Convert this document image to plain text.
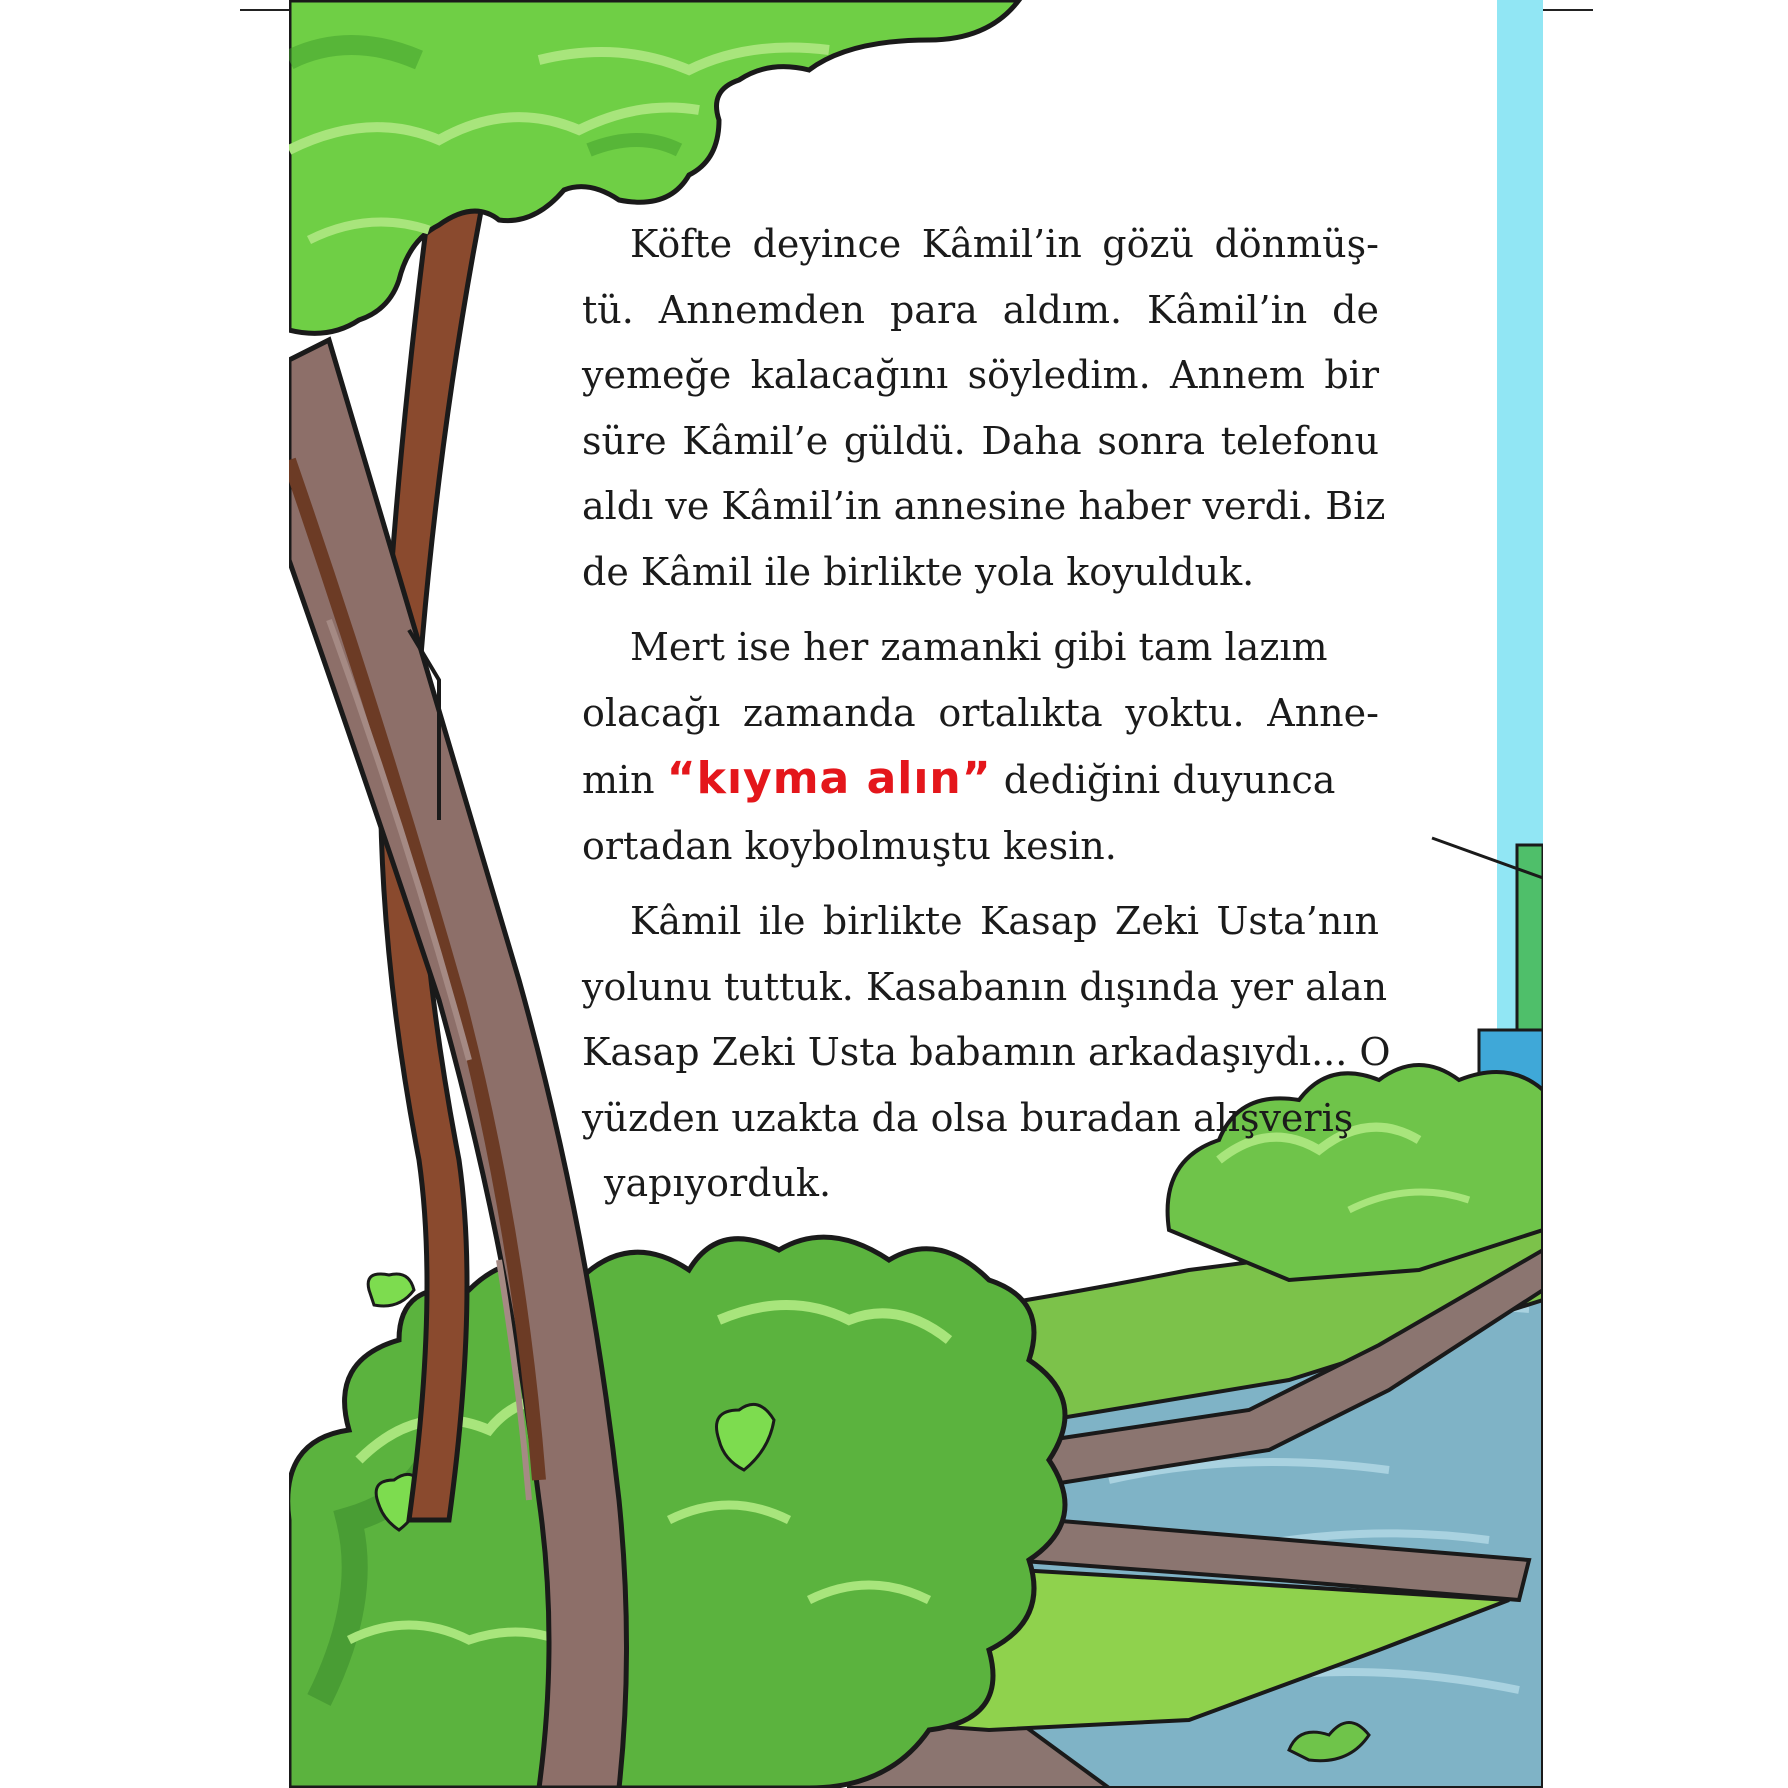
Köfte deyince Kâmil’in gözü dönmüş-
tü. Annemden para aldım. Kâmil’in de
yemeğe kalacağını söyledim. Annem bir
süre Kâmil’e güldü. Daha sonra telefonu
aldı ve Kâmil’in annesine haber verdi. Biz
de Kâmil ile birlikte yola koyulduk.

Mert ise her zamanki gibi tam lazım
olacağı zamanda ortalıkta yoktu. Anne-
min “kıyma alın” dediğini duyunca
ortadan koybolmuştu kesin.

Kâmil ile birlikte Kasap Zeki Usta’nın
yolunu tuttuk. Kasabanın dışında yer alan
Kasap Zeki Usta babamın arkadaşıydı... O
yüzden uzakta da olsa buradan alışveriş
yapıyorduk.
